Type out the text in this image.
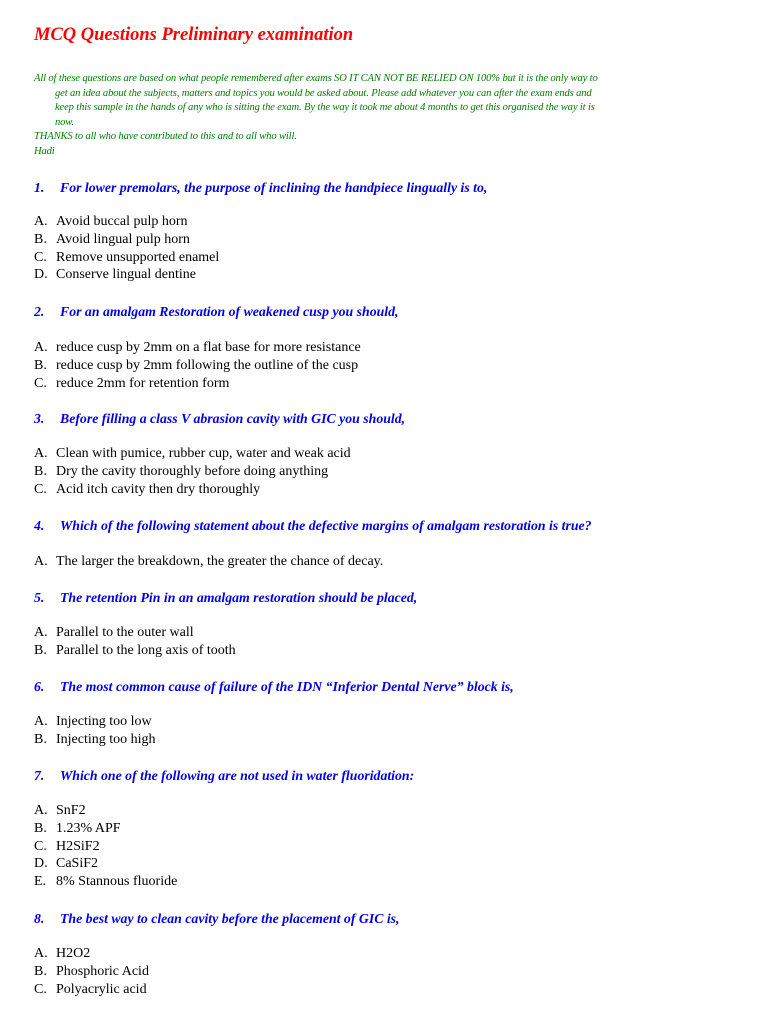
MCQ Questions Preliminary examination
All of these questions are based on what people remembered after exams SO IT CAN NOT BE RELIED ON 100% but it is the only way to
get an idea about the subjects, matters and topics you would be asked about. Please add whatever you can after the exam ends and
keep this sample in the hands of any who is sitting the exam. By the way it took me about 4 months to get this organised the way it is
now.
THANKS to all who have contributed to this and to all who will.
Hadi
1.	For lower premolars, the purpose of inclining the handpiece lingually is to,
A. Avoid buccal pulp horn
B. Avoid lingual pulp horn
C. Remove unsupported enamel
D. Conserve lingual dentine
2.	For an amalgam Restoration of weakened cusp you should,
A. reduce cusp by 2mm on a flat base for more resistance
B. reduce cusp by 2mm following the outline of the cusp
C. reduce 2mm for retention form
3.	Before filling a class V abrasion cavity with GIC you should,
A. Clean with pumice, rubber cup, water and weak acid
B. Dry the cavity thoroughly before doing anything
C. Acid itch cavity then dry thoroughly
4.	Which of the following statement about the defective margins of amalgam restoration is true?
A. The larger the breakdown, the greater the chance of decay.
5.	The retention Pin in an amalgam restoration should be placed,
A. Parallel to the outer wall
B. Parallel to the long axis of tooth
6.	The most common cause of failure of the IDN “Inferior Dental Nerve” block is,
A. Injecting too low
B. Injecting too high
7.	Which one of the following are not used in water fluoridation:
A. SnF2
B. 1.23% APF
C. H2SiF2
D. CaSiF2
E. 8% Stannous fluoride
8.	The best way to clean cavity before the placement of GIC is,
A. H2O2
B. Phosphoric Acid
C. Polyacrylic acid
